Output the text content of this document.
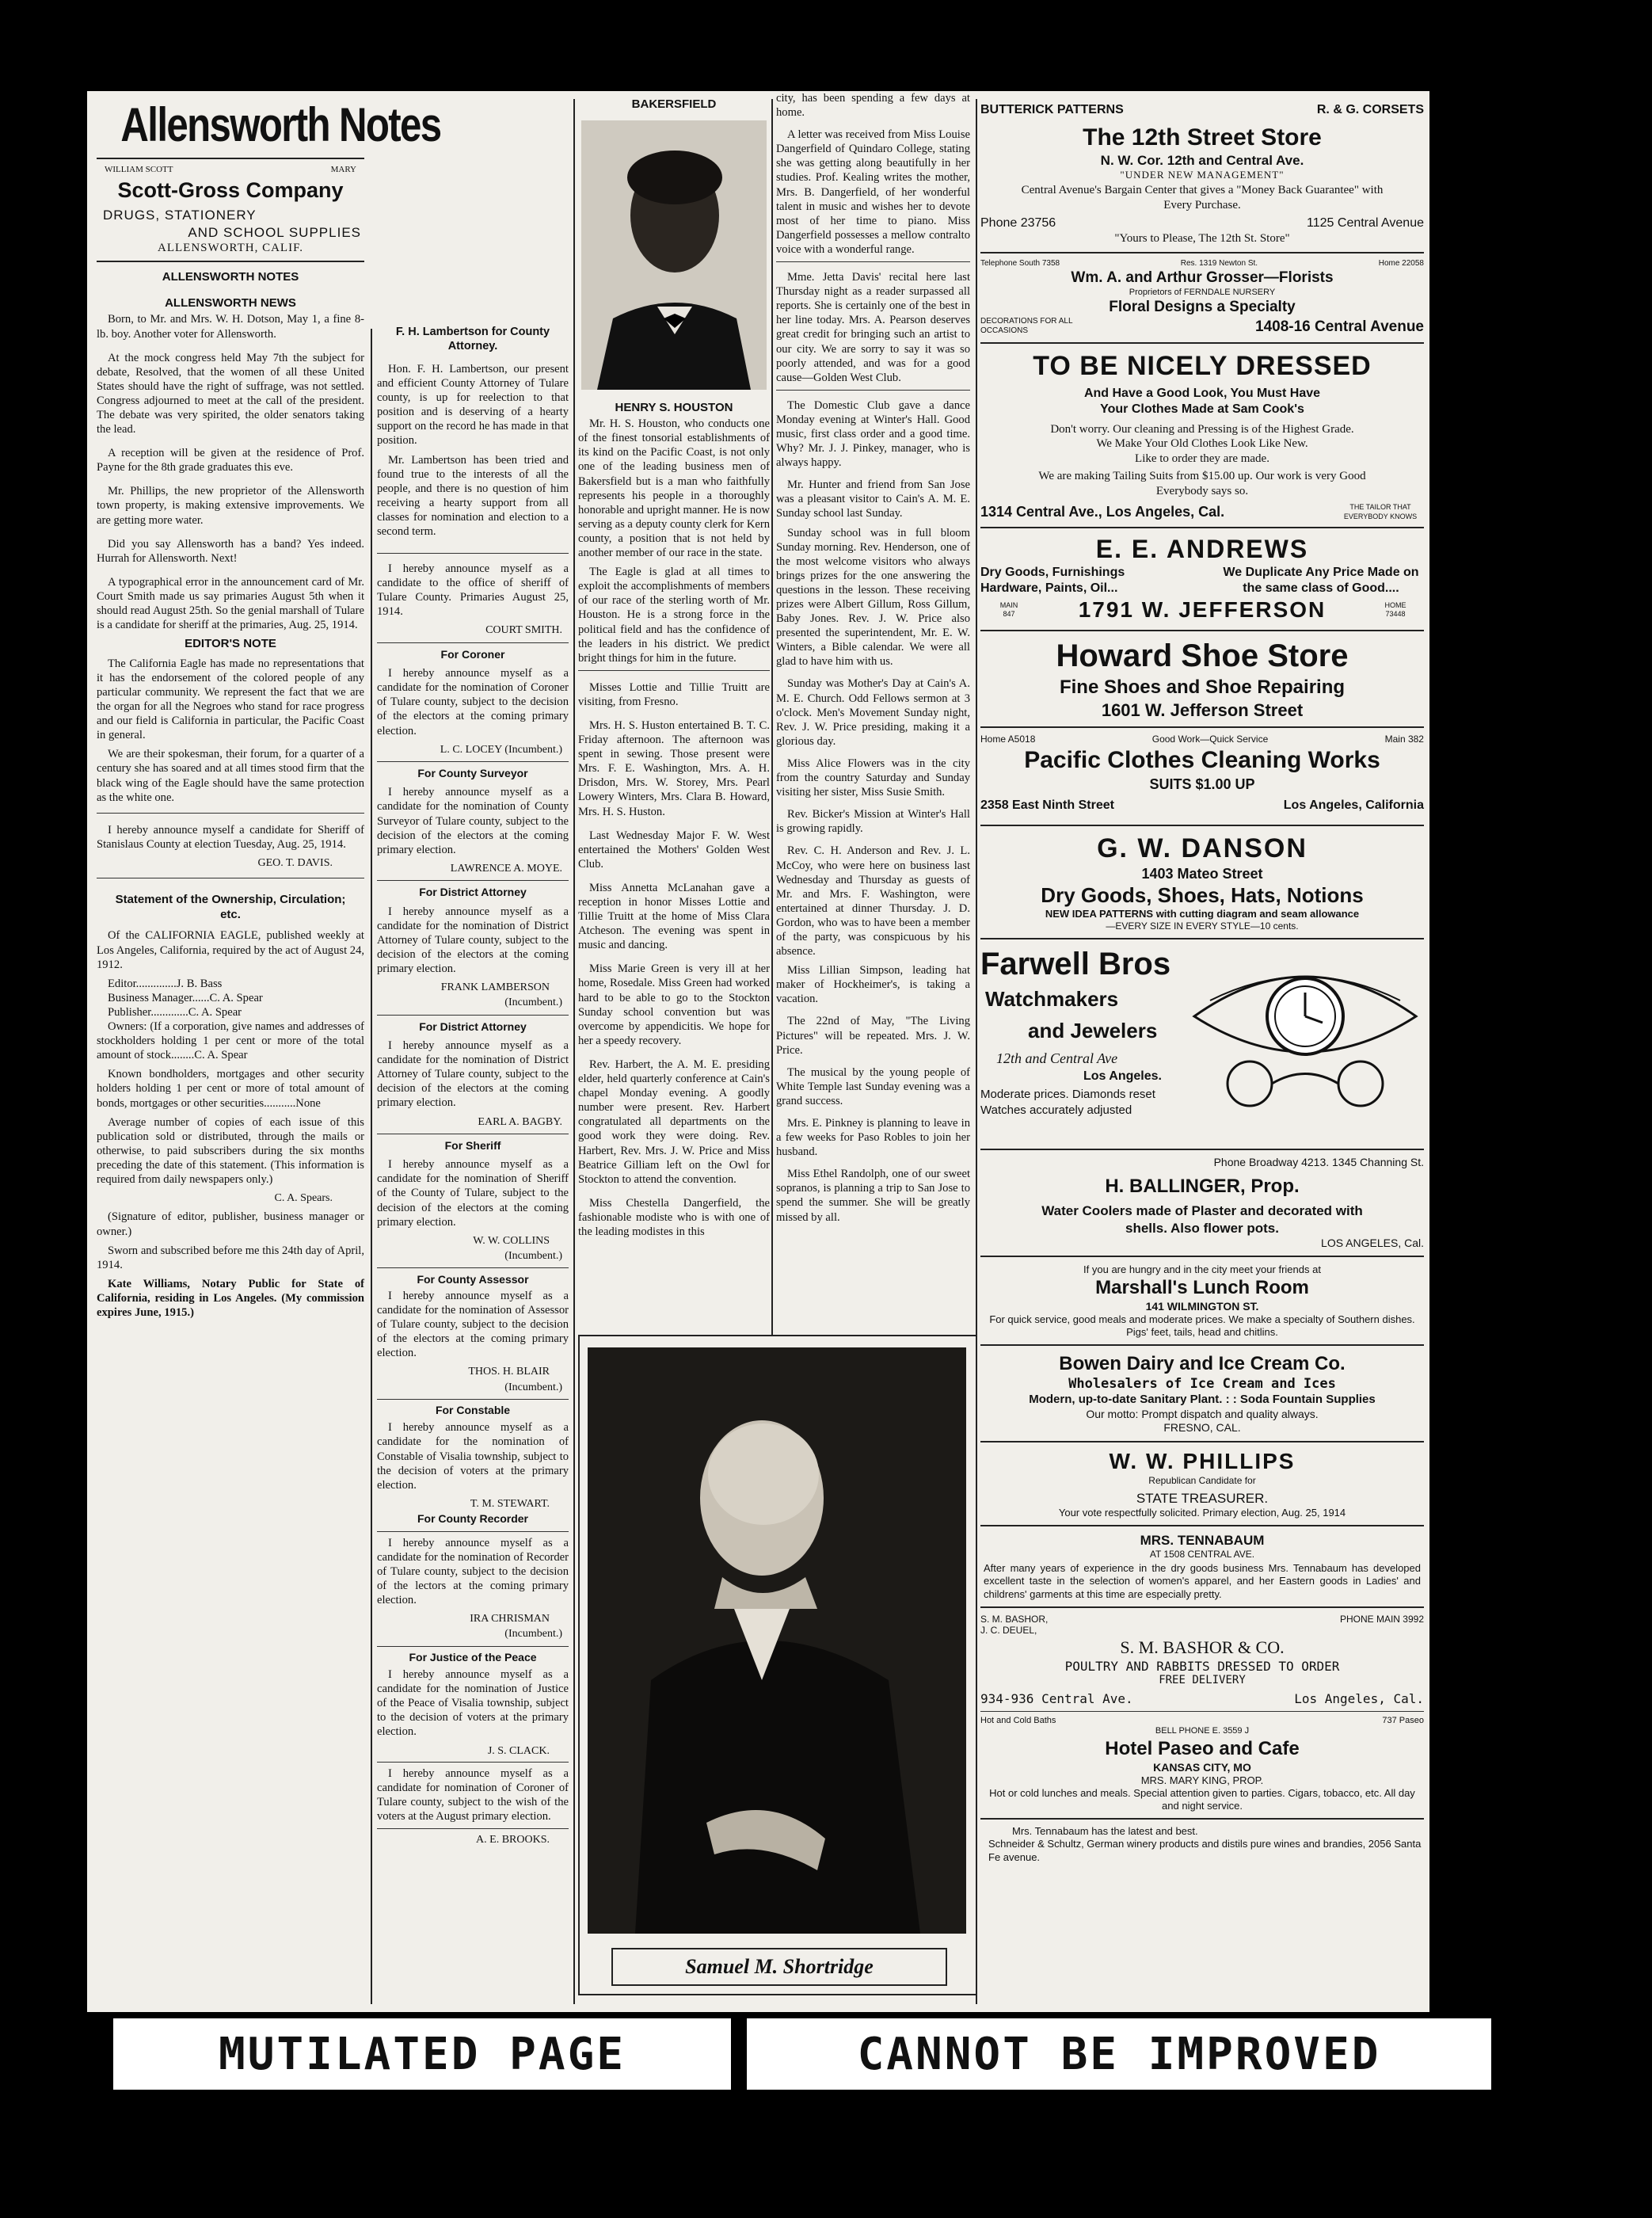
Allensworth Notes
WILLIAM SCOTT	MARY
Scott-Gross Company
DRUGS, STATIONERY
AND SCHOOL SUPPLIES
ALLENSWORTH, CALIF.
ALLENSWORTH NOTES
ALLENSWORTH NEWS

Born, to Mr. and Mrs. W. H. Dotson, May 1, a fine 8-lb. boy. Another voter for Allensworth.

At the mock congress held May 7th the subject for debate, Resolved, that the women of all these United States should have the right of suffrage, was not settled. Congress adjourned to meet at the call of the president. The debate was very spirited, the older senators taking the lead.

A reception will be given at the residence of Prof. Payne for the 8th grade graduates this eve.

Mr. Phillips, the new proprietor of the Allensworth town property, is making extensive improvements. We are getting more water.

Did you say Allensworth has a band? Yes indeed. Hurrah for Allensworth. Next!

A typographical error in the announcement card of Mr. Court Smith made us say primaries August 5th when it should read August 25th. So the genial marshall of Tulare is a candidate for sheriff at the primaries, Aug. 25, 1914.

EDITOR'S NOTE

The California Eagle has made no representations that it has the endorsement of the colored people of any particular community. We represent the fact that we are the organ for all the Negroes who stand for race progress and our field is California in particular, the Pacific Coast in general.

We are their spokesman, their forum, for a quarter of a century she has soared and at all times stood firm that the black wing of the Eagle should have the same protection as the white one.

I hereby announce myself a candidate for Sheriff of Stanislaus County at election Tuesday, Aug. 25, 1914.

GEO. T. DAVIS.
Statement of the Ownership, Circulation; etc.

Of the CALIFORNIA EAGLE, published weekly at Los Angeles, California, required by the act of August 24, 1912.

Editor..............J. B. Bass
Business Manager......C. A. Spear
Publisher.............C. A. Spear

Owners: (If a corporation, give names and addresses of stockholders holding 1 per cent or more of the total amount of stock........C. A. Spear

Known bondholders, mortgages and other security holders holding 1 per cent or more of total amount of bonds, mortgages or other securities...........None

Average number of copies of each issue of this publication sold or distributed, through the mails or otherwise, to paid subscribers during the six months preceding the date of this statement. (This information is required from daily newspapers only.)

C. A. Spears.

(Signature of editor, publisher, business manager or owner.)

Sworn and subscribed before me this 24th day of April, 1914.

Kate Williams, Notary Public for State of California, residing in Los Angeles. (My commission expires June, 1915.)

F. H. Lambertson for County Attorney.

Hon. F. H. Lambertson, our present and efficient County Attorney of Tulare county, is up for reelection to that position and is deserving of a hearty support on the record he has made in that position.

Mr. Lambertson has been tried and found true to the interests of all the people, and there is no question of him receiving a hearty support from all classes for nomination and election to a second term.

I hereby announce myself as a candidate to the office of sheriff of Tulare County. Primaries August 25, 1914.

COURT SMITH.
For Coroner

I hereby announce myself as a candidate for the nomination of Coroner of Tulare county, subject to the decision of the electors at the coming primary election.

L. C. LOCEY (Incumbent.)
For County Surveyor

I hereby announce myself as a candidate for the nomination of County Surveyor of Tulare county, subject to the decision of the electors at the coming primary election.

LAWRENCE A. MOYE.
For District Attorney

I hereby announce myself as a candidate for the nomination of District Attorney of Tulare county, subject to the decision of the electors at the coming primary election.

FRANK LAMBERSON
(Incumbent.)
For District Attorney

I hereby announce myself as a candidate for the nomination of District Attorney of Tulare county, subject to the decision of the electors at the coming primary election.

EARL A. BAGBY.
For Sheriff

I hereby announce myself as a candidate for the nomination of Sheriff of the County of Tulare, subject to the decision of the electors at the coming primary election.

W. W. COLLINS
(Incumbent.)
For County Assessor

I hereby announce myself as a candidate for the nomination of Assessor of Tulare county, subject to the decision of the electors at the coming primary election.

THOS. H. BLAIR
(Incumbent.)
For Constable

I hereby announce myself as a candidate for the nomination of Constable of Visalia township, subject to the decision of voters at the primary election.

T. M. STEWART.
For County Recorder

I hereby announce myself as a candidate for the nomination of Recorder of Tulare county, subject to the decision of the lectors at the coming primary election.

IRA CHRISMAN
(Incumbent.)
For Justice of the Peace

I hereby announce myself as a candidate for the nomination of Justice of the Peace of Visalia township, subject to the decision of voters at the primary election.

J. S. CLACK.

I hereby announce myself as a candidate for nomination of Coroner of Tulare county, subject to the wish of the voters at the August primary election.

A. E. BROOKS.
BAKERSFIELD
HENRY S. HOUSTON

Mr. H. S. Houston, who conducts one of the finest tonsorial establishments of its kind on the Pacific Coast, is not only one of the leading business men of Bakersfield but is a man who faithfully represents his people in a thoroughly honorable and upright manner. He is now serving as a deputy county clerk for Kern county, a position that is not held by another member of our race in the state.

The Eagle is glad at all times to exploit the accomplishments of members of our race of the sterling worth of Mr. Houston. He is a strong force in the political field and has the confidence of the leaders in his district. We predict bright things for him in the future.

Misses Lottie and Tillie Truitt are visiting, from Fresno.

Mrs. H. S. Huston entertained B. T. C. Friday afternoon. The afternoon was spent in sewing. Those present were Mrs. F. E. Washington, Mrs. A. H. Drisdon, Mrs. W. Storey, Mrs. Pearl Lowery Winters, Mrs. Clara B. Howard, Mrs. H. S. Huston.

Last Wednesday Major F. W. West entertained the Mothers' Golden West Club.

Miss Annetta McLanahan gave a reception in honor Misses Lottie and Tillie Truitt at the home of Miss Clara Atcheson. The evening was spent in music and dancing.

Miss Marie Green is very ill at her home, Rosedale. Miss Green had worked hard to be able to go to the Stockton Sunday school convention but was overcome by appendicitis. We hope for her a speedy recovery.

Rev. Harbert, the A. M. E. presiding elder, held quarterly conference at Cain's chapel Monday evening. A goodly number were present. Rev. Harbert congratulated all departments on the good work they were doing. Rev. Harbert, Rev. Mrs. J. W. Price and Miss Beatrice Gilliam left on the Owl for Stockton to attend the convention.

Miss Chestella Dangerfield, the fashionable modiste who is with one of the leading modistes in this

city, has been spending a few days at home.

A letter was received from Miss Louise Dangerfield of Quindaro College, stating she was getting along beautifully in her studies. Prof. Kealing writes the mother, Mrs. B. Dangerfield, of her wonderful talent in music and wishes her to devote most of her time to piano. Miss Dangerfield possesses a mellow contralto voice with a wonderful range.

Mme. Jetta Davis' recital here last Thursday night as a reader surpassed all reports. She is certainly one of the best in her line today. Mrs. A. Pearson deserves great credit for bringing such an artist to our city. We are sorry to say it was so poorly attended, and was for a good cause—Golden West Club.

The Domestic Club gave a dance Monday evening at Winter's Hall. Good music, first class order and a good time. Why? Mr. J. J. Pinkey, manager, who is always happy.

Mr. Hunter and friend from San Jose was a pleasant visitor to Cain's A. M. E. Sunday school last Sunday.

Sunday school was in full bloom Sunday morning. Rev. Henderson, one of the most welcome visitors who always brings prizes for the one answering the questions in the lesson. These receiving prizes were Albert Gillum, Ross Gillum, Baby Jones. Rev. J. W. Price also presented the superintendent, Mr. E. W. Winters, a Bible calendar. We were all glad to have him with us.

Sunday was Mother's Day at Cain's A. M. E. Church. Odd Fellows sermon at 3 o'clock. Men's Movement Sunday night, Rev. J. W. Price presiding, making it a glorious day.

Miss Alice Flowers was in the city from the country Saturday and Sunday visiting her sister, Miss Susie Smith.

Rev. Bicker's Mission at Winter's Hall is growing rapidly.

Rev. C. H. Anderson and Rev. J. L. McCoy, who were here on business last Wednesday and Thursday as guests of Mr. and Mrs. F. Washington, were entertained at dinner Thursday. J. D. Gordon, who was to have been a member of the party, was conspicuous by his absence.

Miss Lillian Simpson, leading hat maker of Hockheimer's, is taking a vacation.

The 22nd of May, "The Living Pictures" will be repeated. Mrs. J. W. Price.

The musical by the young people of White Temple last Sunday evening was a grand success.

Mrs. E. Pinkney is planning to leave in a few weeks for Paso Robles to join her husband.

Miss Ethel Randolph, one of our sweet sopranos, is planning a trip to San Jose to spend the summer. She will be greatly missed by all.

Samuel M. Shortridge
BUTTERICK PATTERNS	R. & G. CORSETS
The 12th Street Store
N. W. Cor. 12th and Central Ave.
"UNDER NEW MANAGEMENT"
Central Avenue's Bargain Center that gives a "Money Back Guarantee" with Every Purchase.
Phone 23756	1125 Central Avenue
"Yours to Please, The 12th St. Store"
Telephone South 7358	Res. 1319 Newton St.	Home 22058
Wm. A. and Arthur Grosser—Florists
Proprietors of FERNDALE NURSERY
Floral Designs a Specialty
DECORATIONS FOR ALL OCCASIONS	1408-16 Central Avenue
TO BE NICELY DRESSED
And Have a Good Look, You Must Have
Your Clothes Made at Sam Cook's
Don't worry. Our cleaning and Pressing is of the Highest Grade.
We Make Your Old Clothes Look Like New.
Like to order they are made.
We are making Tailing Suits from $15.00 up. Our work is very Good
Everybody says so.
1314 Central Ave., Los Angeles, Cal.	THE TAILOR THAT EVERYBODY KNOWS
E. E. ANDREWS
Dry Goods, Furnishings Hardware, Paints, Oil...
We Duplicate Any Price Made on the same class of Good....
MAIN 847	1791 W. JEFFERSON	HOME 73448
Howard Shoe Store
Fine Shoes and Shoe Repairing
1601 W. Jefferson Street
Home A5018	Good Work—Quick Service	Main 382
Pacific Clothes Cleaning Works
SUITS $1.00 UP
2358 East Ninth Street	Los Angeles, California
G. W. DANSON
1403 Mateo Street
Dry Goods, Shoes, Hats, Notions
NEW IDEA PATTERNS with cutting diagram and seam allowance
—EVERY SIZE IN EVERY STYLE—10 cents.
Farwell Bros
Watchmakers
and Jewelers
12th and Central Ave
Los Angeles.
Moderate prices. Diamonds reset
Watches accurately adjusted
Phone Broadway 4213. 1345 Channing St.
H. BALLINGER, Prop.
Water Coolers made of Plaster and decorated with
shells. Also flower pots.
LOS ANGELES, Cal.
If you are hungry and in the city meet your friends at
Marshall's Lunch Room
141 WILMINGTON ST.
For quick service, good meals and moderate prices. We make a specialty of Southern dishes. Pigs' feet, tails, head and chitlins.
Bowen Dairy and Ice Cream Co.
Wholesalers of Ice Cream and Ices
Modern, up-to-date Sanitary Plant. : : Soda Fountain Supplies
Our motto: Prompt dispatch and quality always.
FRESNO, CAL.
W. W. PHILLIPS
Republican Candidate for
STATE TREASURER.
Your vote respectfully solicited. Primary election, Aug. 25, 1914
MRS. TENNABAUM
AT 1508 CENTRAL AVE.
After many years of experience in the dry goods business Mrs. Tennabaum has developed excellent taste in the selection of women's apparel, and her Eastern goods in Ladies' and childrens' garments at this time are especially pretty.
S. M. BASHOR,
J. C. DEUEL,
PHONE MAIN 3992
S. M. BASHOR & CO.
POULTRY AND RABBITS DRESSED TO ORDER
FREE DELIVERY
934-936 Central Ave.	Los Angeles, Cal.
Hot and Cold Baths	737 Paseo
BELL PHONE E. 3559 J
Hotel Paseo and Cafe
KANSAS CITY, MO
MRS. MARY KING, PROP.
Hot or cold lunches and meals. Special attention given to parties. Cigars, tobacco, etc. All day and night service.
Mrs. Tennabaum has the latest and best.
Schneider & Schultz, German winery products and distils pure wines and brandies, 2056 Santa Fe avenue.
MUTILATED PAGE	CANNOT BE IMPROVED
